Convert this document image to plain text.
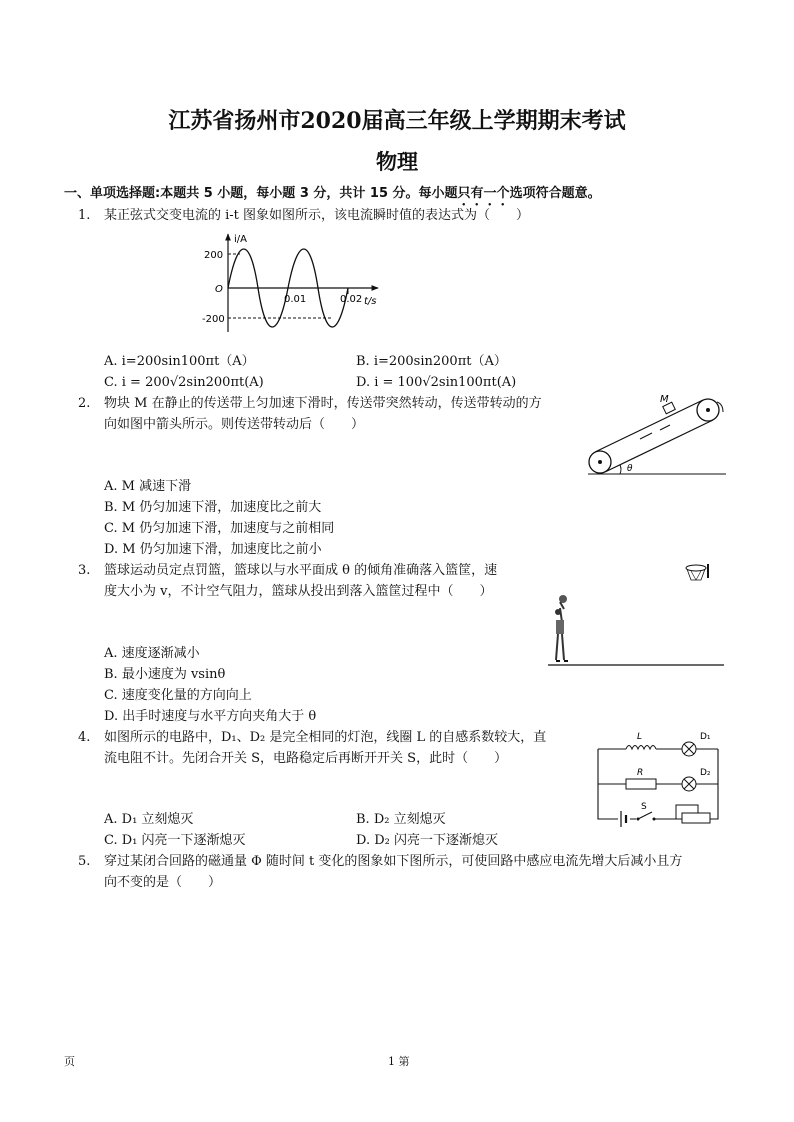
江苏省扬州市2020届高三年级上学期期末考试
物理
一、单项选择题:本题共 5 小题，每小题 3 分，共计 15 分。每小题只有一个选项符合题意。
1. 某正弦式交变电流的 i-t 图象如图所示，该电流瞬时值的表达式为（　　）
i/A
t/s
O
200
-200
0.01	0.02
A. i=200sin100πt（A）	B. i=200sin200πt（A）
C. i = 200√2sin200πt(A)	D. i = 100√2sin100πt(A)
2. 物块 M 在静止的传送带上匀加速下滑时，传送带突然转动，传送带转动的方
向如图中箭头所示。则传送带转动后（　　）
M
θ
A. M 减速下滑
B. M 仍匀加速下滑，加速度比之前大
C. M 仍匀加速下滑，加速度与之前相同
D. M 仍匀加速下滑，加速度比之前小
3. 篮球运动员定点罚篮，篮球以与水平面成 θ 的倾角准确落入篮筐，速
度大小为 v，不计空气阻力，篮球从投出到落入篮筐过程中（　　）
A. 速度逐渐减小
B. 最小速度为 vsinθ
C. 速度变化量的方向向上
D. 出手时速度与水平方向夹角大于 θ
4. 如图所示的电路中，D₁、D₂ 是完全相同的灯泡，线圈 L 的自感系数较大，直
流电阻不计。先闭合开关 S，电路稳定后再断开开关 S，此时（　　）
L
R
S
D₁
D₂
A. D₁ 立刻熄灭	B. D₂ 立刻熄灭
C. D₁ 闪亮一下逐渐熄灭	D. D₂ 闪亮一下逐渐熄灭
5. 穿过某闭合回路的磁通量 Φ 随时间 t 变化的图象如下图所示，可使回路中感应电流先增大后减小且方
向不变的是（　　）
页	1 第
